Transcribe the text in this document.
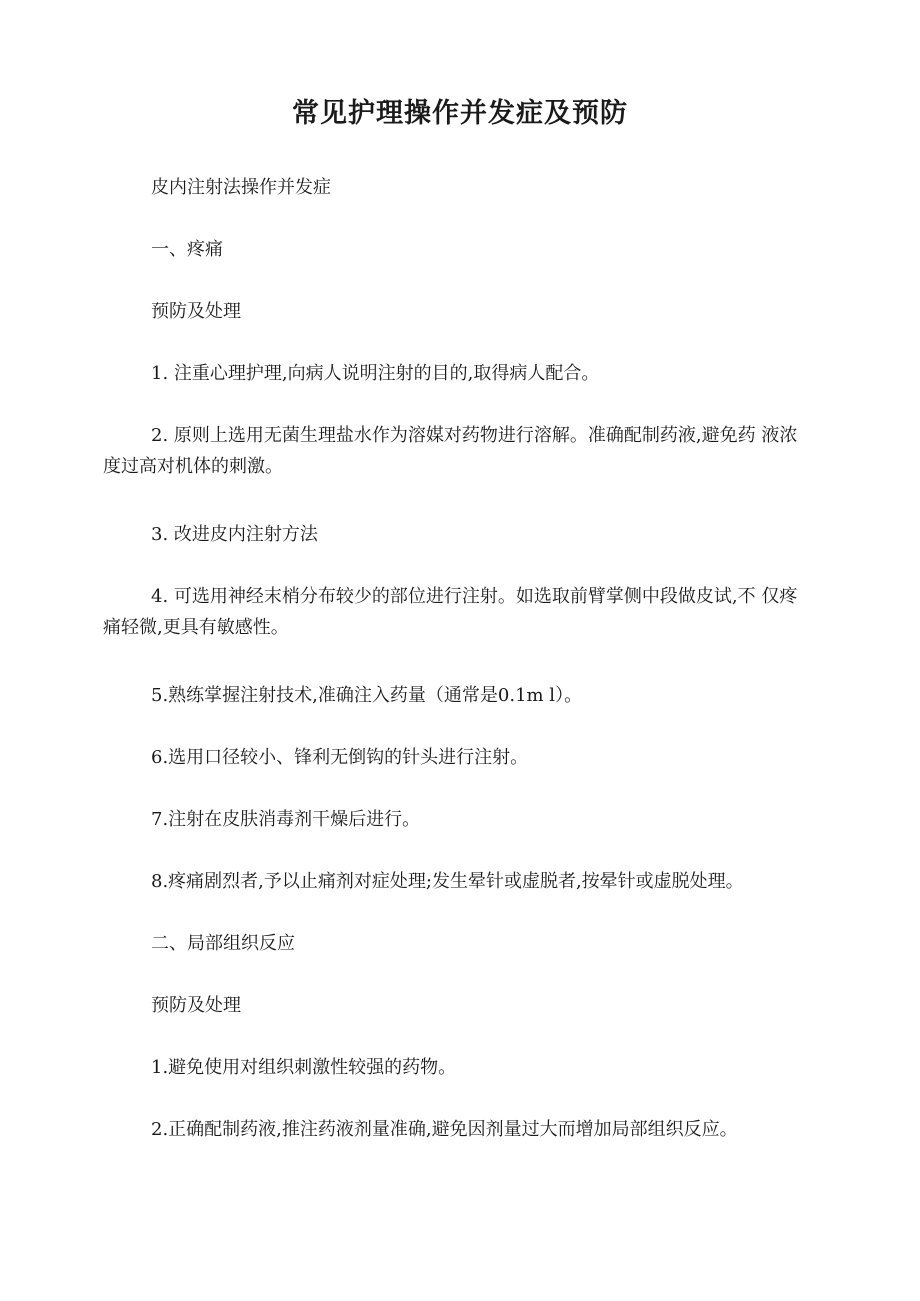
常见护理操作并发症及预防
皮内注射法操作并发症
一、疼痛
预防及处理
1. 注重心理护理,向病人说明注射的目的,取得病人配合。
2. 原则上选用无菌生理盐水作为溶媒对药物进行溶解。准确配制药液,避免药 液浓度过高对机体的刺激。
3. 改进皮内注射方法
4. 可选用神经末梢分布较少的部位进行注射。如选取前臂掌侧中段做皮试,不 仅疼痛轻微,更具有敏感性。
5.熟练掌握注射技术,准确注入药量（通常是0.1m l）。
6.选用口径较小、锋利无倒钩的针头进行注射。
7.注射在皮肤消毒剂干燥后进行。
8.疼痛剧烈者,予以止痛剂对症处理;发生晕针或虚脱者,按晕针或虚脱处理。
二、局部组织反应
预防及处理
1.避免使用对组织刺激性较强的药物。
2.正确配制药液,推注药液剂量准确,避免因剂量过大而增加局部组织反应。
